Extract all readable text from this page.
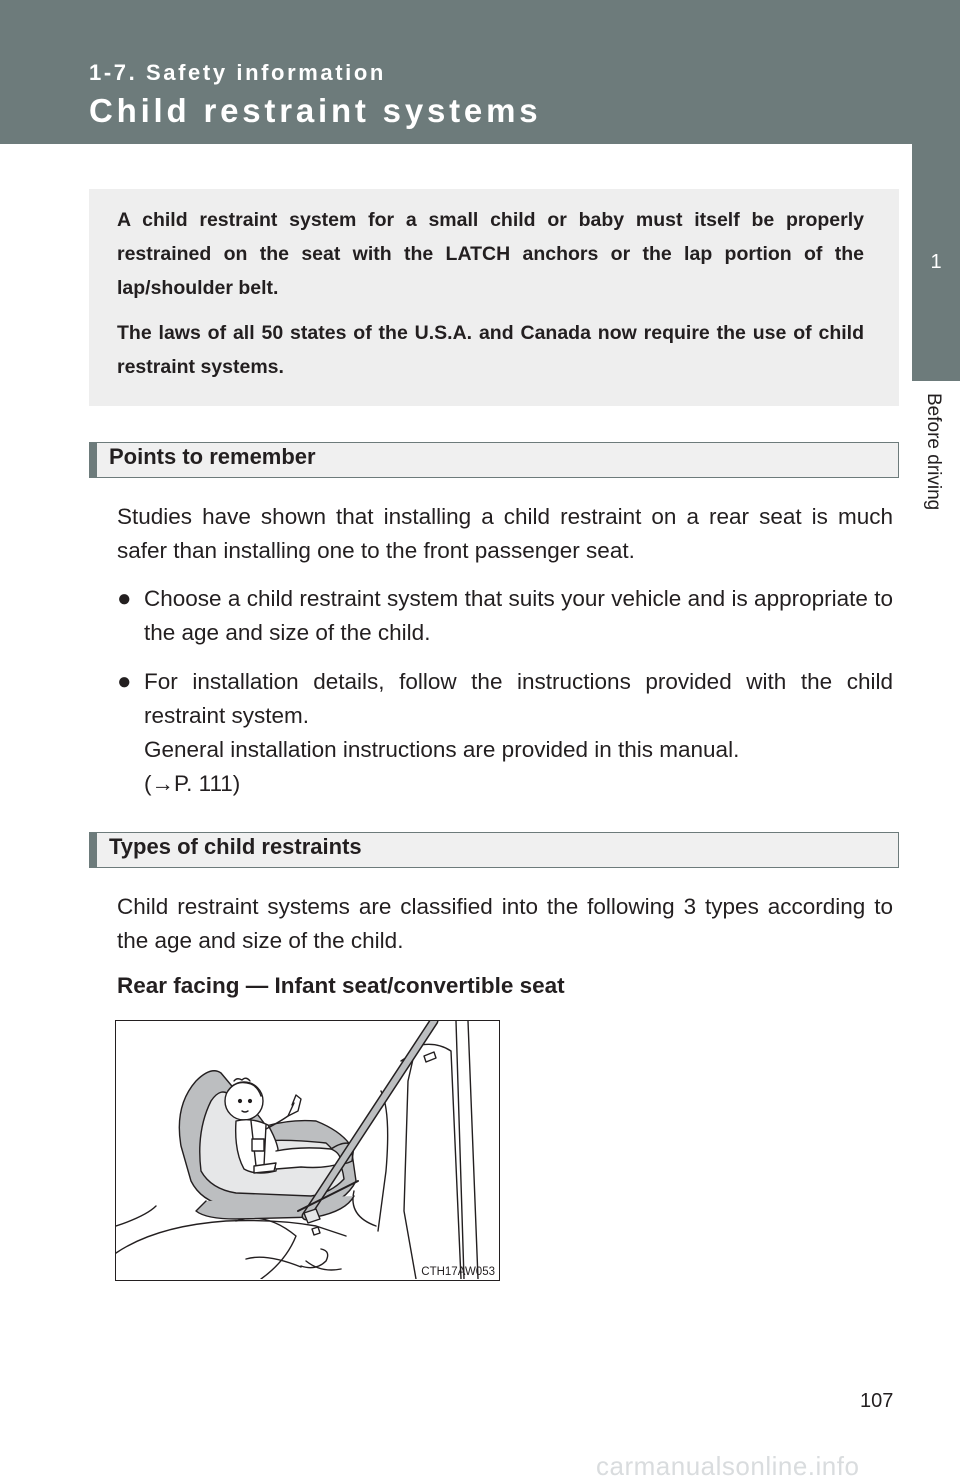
1-7. Safety information
Child restraint systems
1
Before driving

A child restraint system for a small child or baby must itself be properly restrained on the seat with the LATCH anchors or the lap portion of the lap/shoulder belt.

The laws of all 50 states of the U.S.A. and Canada now require the use of child restraint systems.

Points to remember

Studies have shown that installing a child restraint on a rear seat is much safer than installing one to the front passenger seat.

● Choose a child restraint system that suits your vehicle and is appropriate to the age and size of the child.
● For installation details, follow the instructions provided with the child restraint system.
General installation instructions are provided in this manual.
(→P. 111)
Types of child restraints

Child restraint systems are classified into the following 3 types according to the age and size of the child.

Rear facing — Infant seat/convertible seat

CTH17AW053
107
carmanualsonline.info
